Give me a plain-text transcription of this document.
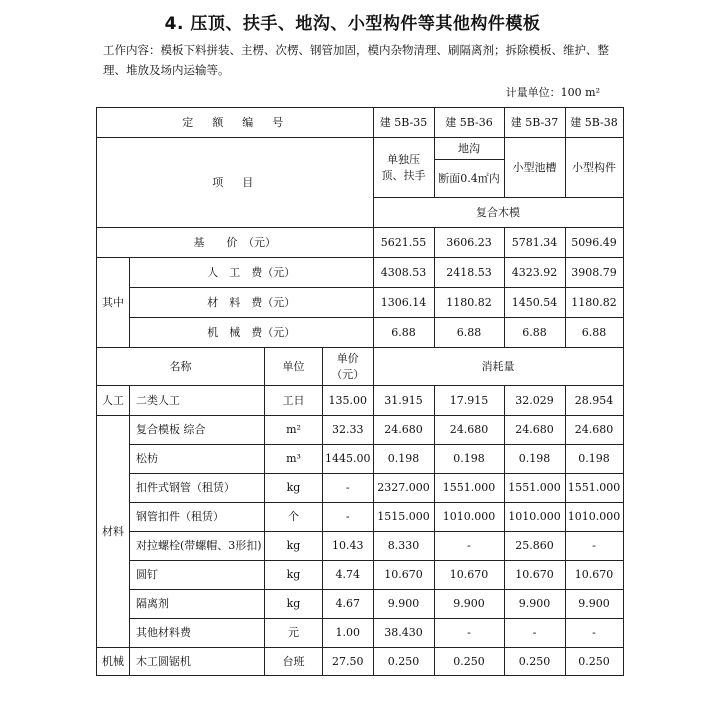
4. 压顶、扶手、地沟、小型构件等其他构件模板
工作内容：模板下料拼装、主楞、次楞、钢管加固，模内杂物清理、刷隔离剂；拆除模板、维护、整理、堆放及场内运输等。
计量单位：100 m²
定　额　编　号				建 5B-35	建 5B-36	建 5B-37	建 5B-38
项　目				单独压顶、扶手	地沟	小型池槽	小型构件
					断面0.4㎡内		
				复合木模			
基　　价　（元）				5621.55	3606.23	5781.34	5096.49
其中	人　工　费（元）			4308.53	2418.53	4323.92	3908.79
	材　料　费（元）			1306.14	1180.82	1450.54	1180.82
	机　械　费（元）			6.88	6.88	6.88	6.88
名称		单位	单价（元）	消耗量			
人工	二类人工	工日	135.00	31.915	17.915	32.029	28.954
材料	复合模板 综合	m²	32.33	24.680	24.680	24.680	24.680
	松枋	m³	1445.00	0.198	0.198	0.198	0.198
	扣件式钢管（租赁）	kg	-	2327.000	1551.000	1551.000	1551.000
	钢管扣件（租赁）	个	-	1515.000	1010.000	1010.000	1010.000
	对拉螺栓(带螺帽、3形扣)	kg	10.43	8.330	-	25.860	-
	圆钉	kg	4.74	10.670	10.670	10.670	10.670
	隔离剂	kg	4.67	9.900	9.900	9.900	9.900
	其他材料费	元	1.00	38.430	-	-	-
机械	木工圆锯机	台班	27.50	0.250	0.250	0.250	0.250
